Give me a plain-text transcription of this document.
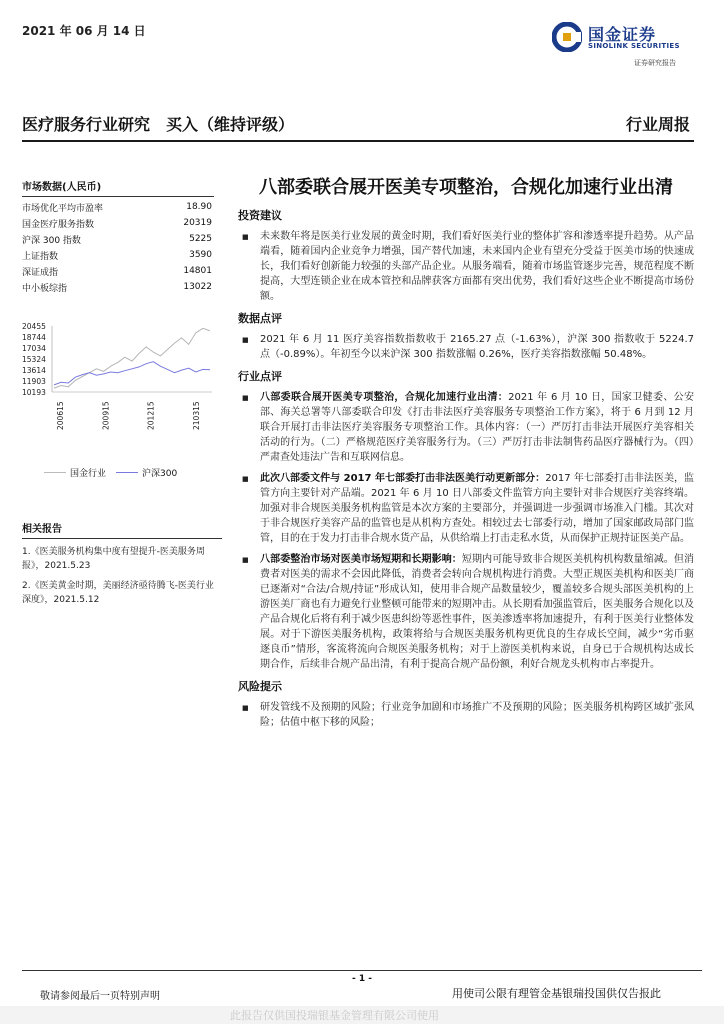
2021 年 06 月 14 日	国金证券
SINOLINK SECURITIES
证券研究报告
医疗服务行业研究　买入（维持评级）	行业周报
市场数据(人民币)
市场优化平均市盈率	18.90
国金医疗服务指数	20319
沪深 300 指数	5225
上证指数	3590
深证成指	14801
中小板综指	13022
20455
18744
17034
15324
13614
11903
10193
200615	200915	201215	210315
国金行业	沪深300
相关报告
1.《医美服务机构集中度有望提升-医美服务周报》，2021.5.23
2.《医美黄金时期，美丽经济亟待腾飞-医美行业深度》，2021.5.12
八部委联合展开医美专项整治，合规化加速行业出清
投资建议
■	未来数年将是医美行业发展的黄金时期，我们看好医美行业的整体扩容和渗透率提升趋势。从产品端看，随着国内企业竞争力增强，国产替代加速，未来国内企业有望充分受益于医美市场的快速成长，我们看好创新能力较强的头部产品企业。从服务端看，随着市场监管逐步完善，规范程度不断提高，大型连锁企业在成本管控和品牌获客方面都有突出优势，我们看好这些企业不断提高市场份额。
数据点评
■	2021 年 6 月 11 医疗美容指数指数收于 2165.27 点（-1.63%），沪深 300 指数收于 5224.7 点（-0.89%）。年初至今以来沪深 300 指数涨幅 0.26%，医疗美容指数涨幅 50.48%。
行业点评
■	八部委联合展开医美专项整治，合规化加速行业出清：2021 年 6 月 10 日，国家卫健委、公安部、海关总署等八部委联合印发《打击非法医疗美容服务专项整治工作方案》，将于 6 月到 12 月联合开展打击非法医疗美容服务专项整治工作。具体内容：（一）严厉打击非法开展医疗美容相关活动的行为。（二）严格规范医疗美容服务行为。（三）严厉打击非法制售药品医疗器械行为。（四）严肃查处违法广告和互联网信息。
■	此次八部委文件与 2017 年七部委打击非法医美行动更新部分：2017 年七部委打击非法医美，监管方向主要针对产品端。2021 年 6 月 10 日八部委文件监管方向主要针对非合规医疗美容终端。加强对非合规医美服务机构监管是本次方案的主要部分，并强调进一步强调市场准入门槛。其次对于非合规医疗美容产品的监管也是从机构方查处。相较过去七部委行动，增加了国家邮政局部门监管，目的在于发力打击非合规水货产品，从供给端上打击走私水货，从而保护正规持证医美产品。
■	八部委整治市场对医美市场短期和长期影响：短期内可能导致非合规医美机构机构数量缩减。但消费者对医美的需求不会因此降低，消费者会转向合规机构进行消费。大型正规医美机构和医美厂商已逐渐对“合法/合规/持证”形成认知，使用非合规产品数量较少，覆盖较多合规头部医美机构的上游医美厂商也有力避免行业整顿可能带来的短期冲击。从长期看加强监管后，医美服务合规化以及产品合规化后将有利于减少医患纠纷等恶性事件，医美渗透率将加速提升，有利于医美行业整体发展。对于下游医美服务机构，政策将给与合规医美服务机构更优良的生存成长空间，减少“劣币驱逐良币”情形，客流将流向合规医美服务机构；对于上游医美机构来说，自身已于合规机构达成长期合作，后续非合规产品出清，有利于提高合规产品份额，利好合规龙头机构市占率提升。
风险提示
■	研发管线不及预期的风险；行业竞争加剧和市场推广不及预期的风险；医美服务机构跨区域扩张风险；估值中枢下移的风险；
- 1 -
敬请参阅最后一页特别声明	用使司公限有理管金基银瑞投国供仅告报此
此报告仅供国投瑞银基金管理有限公司使用
